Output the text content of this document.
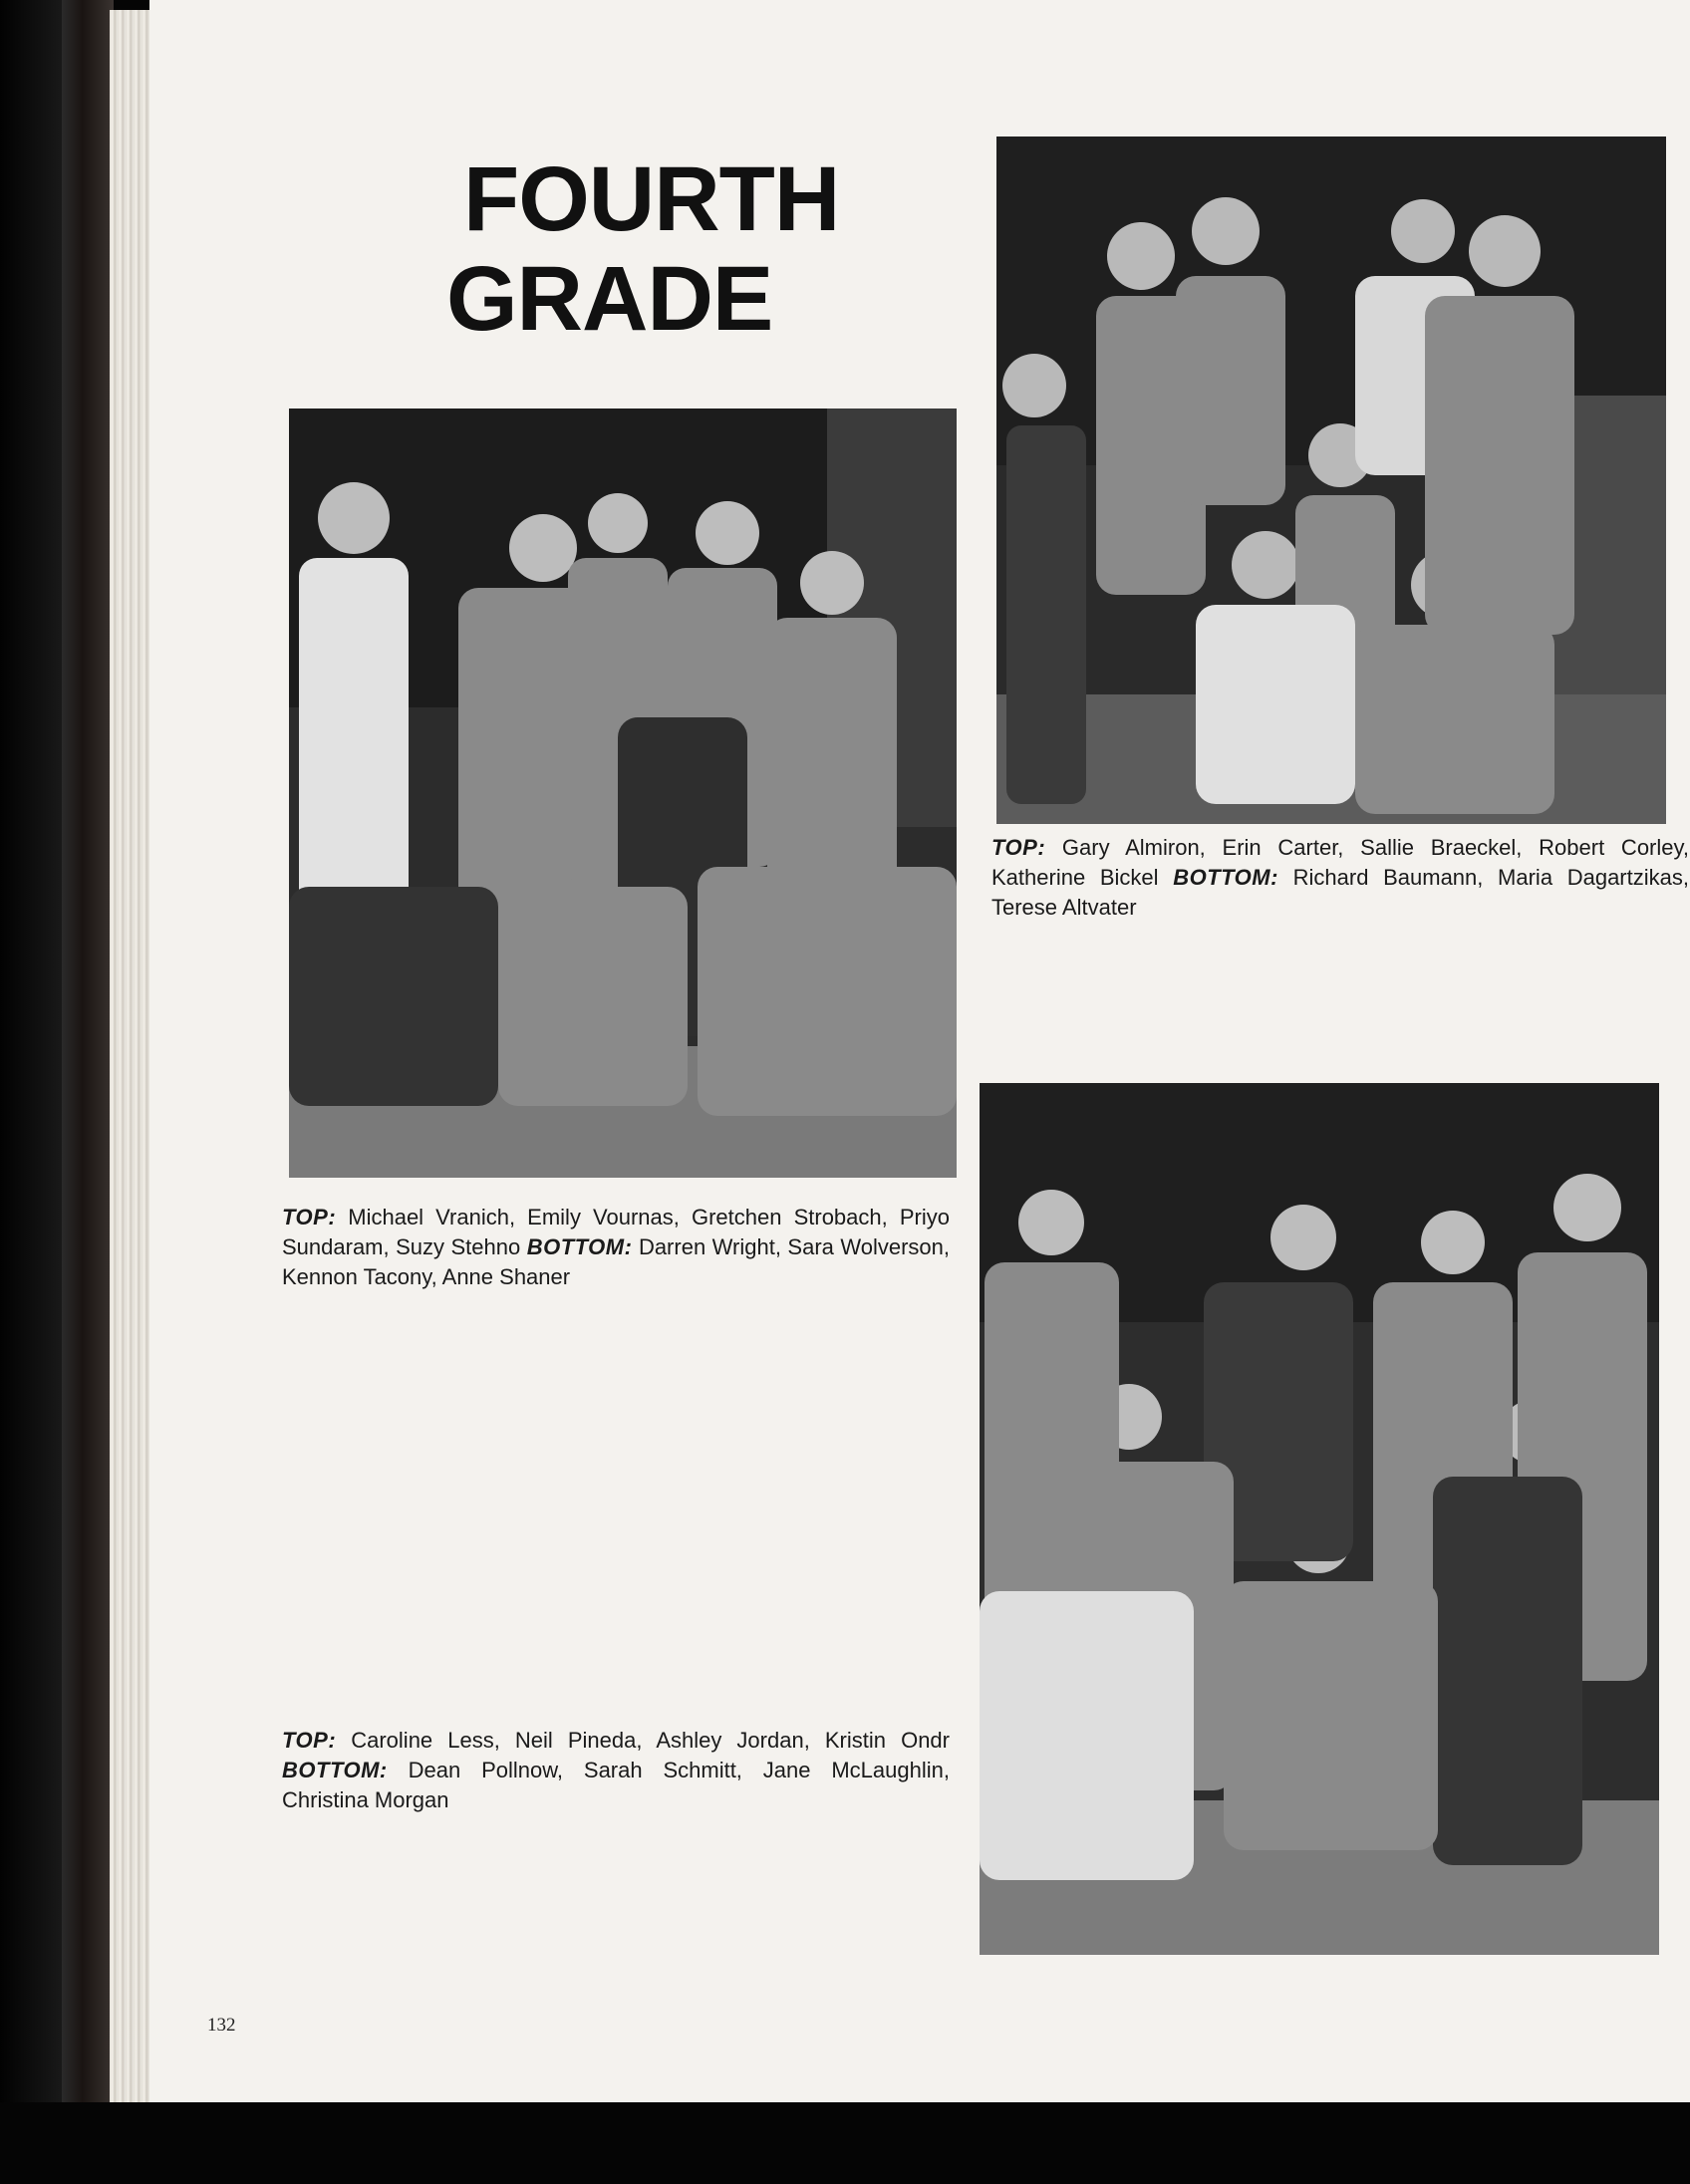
FOURTH
GRADE
TOP: Gary Almiron, Erin Carter, Sallie Braeckel, Robert Corley, Katherine Bickel BOTTOM: Richard Baumann, Maria Dagartzikas, Terese Altvater
TOP: Michael Vranich, Emily Vournas, Gretchen Strobach, Priyo Sundaram, Suzy Stehno BOTTOM: Darren Wright, Sara Wolverson, Kennon Tacony, Anne Shaner
TOP: Caroline Less, Neil Pineda, Ashley Jordan, Kristin Ondr BOTTOM: Dean Pollnow, Sarah Schmitt, Jane McLaughlin, Christina Morgan
132
